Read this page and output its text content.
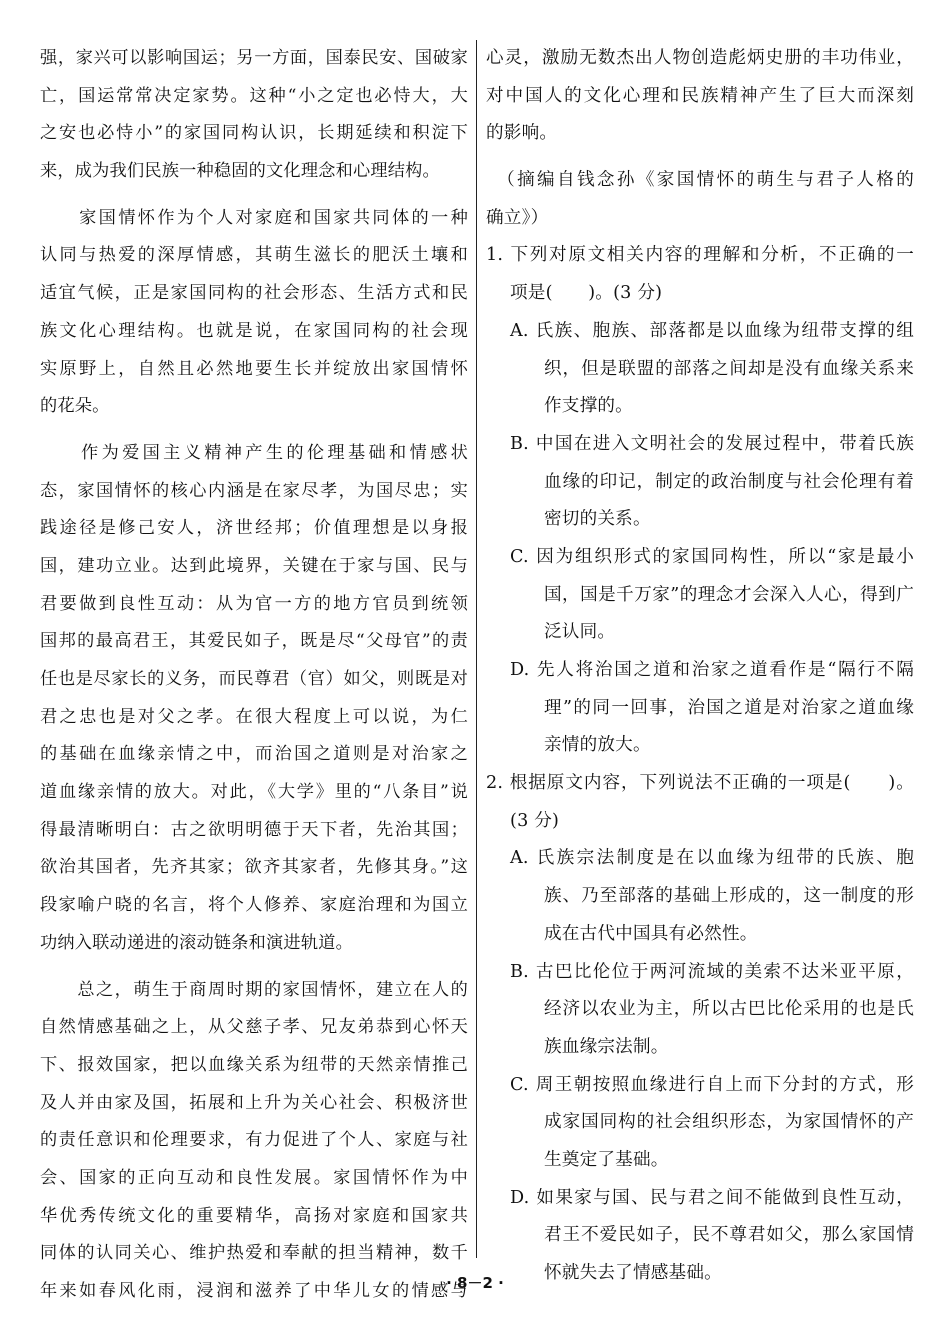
强，家兴可以影响国运；另一方面，国泰民安、国破家
亡，国运常常决定家势。这种“小之定也必恃大，大
之安也必恃小”的家国同构认识，长期延续和积淀下
来，成为我们民族一种稳固的文化理念和心理结构。
　　家国情怀作为个人对家庭和国家共同体的一种
认同与热爱的深厚情感，其萌生滋长的肥沃土壤和
适宜气候，正是家国同构的社会形态、生活方式和民
族文化心理结构。也就是说，在家国同构的社会现
实原野上，自然且必然地要生长并绽放出家国情怀
的花朵。
　　作为爱国主义精神产生的伦理基础和情感状
态，家国情怀的核心内涵是在家尽孝，为国尽忠；实
践途径是修己安人，济世经邦；价值理想是以身报
国，建功立业。达到此境界，关键在于家与国、民与
君要做到良性互动：从为官一方的地方官员到统领
国邦的最高君王，其爱民如子，既是尽“父母官”的责
任也是尽家长的义务，而民尊君（官）如父，则既是对
君之忠也是对父之孝。在很大程度上可以说，为仁
的基础在血缘亲情之中，而治国之道则是对治家之
道血缘亲情的放大。对此，《大学》里的“八条目”说
得最清晰明白：古之欲明明德于天下者，先治其国；
欲治其国者，先齐其家；欲齐其家者，先修其身。”这
段家喻户晓的名言，将个人修养、家庭治理和为国立
功纳入联动递进的滚动链条和演进轨道。
　　总之，萌生于商周时期的家国情怀，建立在人的
自然情感基础之上，从父慈子孝、兄友弟恭到心怀天
下、报效国家，把以血缘关系为纽带的天然亲情推己
及人并由家及国，拓展和上升为关心社会、积极济世
的责任意识和伦理要求，有力促进了个人、家庭与社
会、国家的正向互动和良性发展。家国情怀作为中
华优秀传统文化的重要精华，高扬对家庭和国家共
同体的认同关心、维护热爱和奉献的担当精神，数千
年来如春风化雨，浸润和滋养了中华儿女的情感与
心灵，激励无数杰出人物创造彪炳史册的丰功伟业，
对中国人的文化心理和民族精神产生了巨大而深刻
的影响。
　（摘编自钱念孙《家国情怀的萌生与君子人格的
确立》）
1. 下列对原文相关内容的理解和分析，不正确的一
项是(　　)。(3 分)
A. 氏族、胞族、部落都是以血缘为纽带支撑的组
织，但是联盟的部落之间却是没有血缘关系来
作支撑的。
B. 中国在进入文明社会的发展过程中，带着氏族
血缘的印记，制定的政治制度与社会伦理有着
密切的关系。
C. 因为组织形式的家国同构性，所以“家是最小
国，国是千万家”的理念才会深入人心，得到广
泛认同。
D. 先人将治国之道和治家之道看作是“隔行不隔
理”的同一回事，治国之道是对治家之道血缘
亲情的放大。
2. 根据原文内容，下列说法不正确的一项是(　　)。
(3 分)
A. 氏族宗法制度是在以血缘为纽带的氏族、胞
族、乃至部落的基础上形成的，这一制度的形
成在古代中国具有必然性。
B. 古巴比伦位于两河流域的美索不达米亚平原，
经济以农业为主，所以古巴比伦采用的也是氏
族血缘宗法制。
C. 周王朝按照血缘进行自上而下分封的方式，形
成家国同构的社会组织形态，为家国情怀的产
生奠定了基础。
D. 如果家与国、民与君之间不能做到良性互动，
君王不爱民如子，民不尊君如父，那么家国情
怀就失去了情感基础。
· 8－2 ·
